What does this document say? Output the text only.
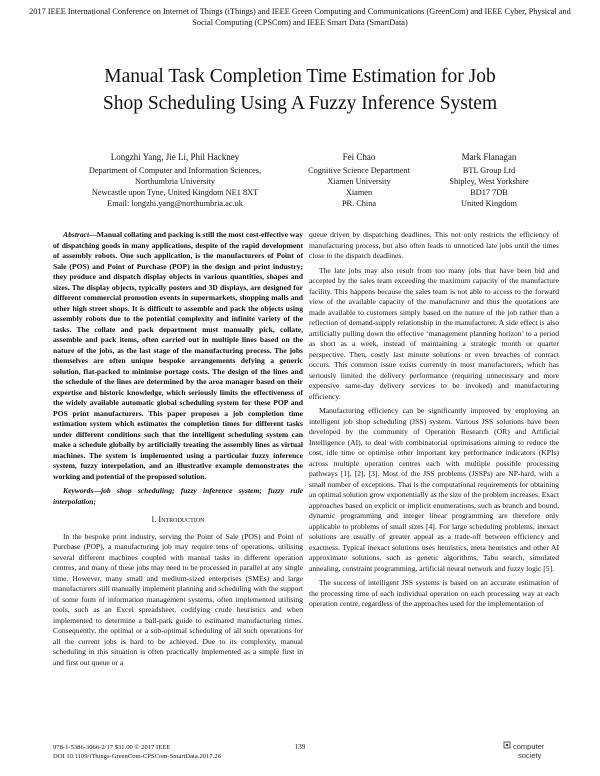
2017 IEEE International Conference on Internet of Things (iThings) and IEEE Green Computing and Communications (GreenCom) and IEEE Cyber, Physical and Social Computing (CPSCom) and IEEE Smart Data (SmartData)
Manual Task Completion Time Estimation for Job
Shop Scheduling Using A Fuzzy Inference System
Longzhi Yang, Jie Li, Phil Hackney
Department of Computer and Information Sciences,
Northumbria University
Newcastle upon Tyne, United Kingdom NE1 8XT
Email: longzhi.yang@northumbria.ac.uk
Fei Chao
Cognitive Science Department
Xiamen University
Xiamen
PR. China
Mark Flanagan
BTL Group Ltd
Shipley, West Yorkshire
BD17 7DB
United Kingdom

Abstract—Manual collating and packing is still the most cost-effective way of dispatching goods in many applications, despite of the rapid development of assembly robots. One such application, is the manufacturers of Point of Sale (POS) and Point of Purchase (POP) in the design and print industry; they produce and dispatch display objects in various quantities, shapes and sizes. The display objects, typically posters and 3D displays, are designed for different commercial promotion events in supermarkets, shopping malls and other high street shops. It is difficult to assemble and pack the objects using assembly robots due to the potential complexity and infinite variety of the tasks. The collate and pack department must manually pick, collate, assemble and pack items, often carried out in multiple lines based on the nature of the jobs, as the last stage of the manufacturing process. The jobs themselves are often unique bespoke arrangements defying a generic solution, flat-packed to minimise portage costs. The design of the lines and the schedule of the lines are determined by the area manager based on their expertise and historic knowledge, which seriously limits the effectiveness of the widely available automatic global scheduling system for these POP and POS print manufacturers. This paper proposes a job completion time estimation system which estimates the completion times for different tasks under different conditions such that the intelligent scheduling system can make a schedule globally by artificially treating the assembly lines as virtual machines. The system is implemented using a particular fuzzy inference system, fuzzy interpolation, and an illustrative example demonstrates the working and potential of the proposed solution.

Keywords—job shop scheduling; fuzzy inference system; fuzzy rule interpolation;

I. Introduction

In the bespoke print industry, serving the Point of Sale (POS) and Point of Purchase (POP), a manufacturing job may require tens of operations, utilising several different machines coupled with manual tasks in different operation centres, and many of these jobs may need to be processed in parallel at any single time. However, many small and medium-sized enterprises (SMEs) and large manufacturers still manually implement planning and scheduling with the support of some form of information management systems, often implemented utilising tools, such as an Excel spreadsheet, codifying crude heuristics and when implemented to determine a ball-park guide to estimated manufacturing times. Consequently, the optimal or a sub-optimal scheduling of all such operations for all the current jobs is hard to be achieved. Due to its complexity, manual scheduling in this situation is often practically implemented as a simple first in and first out queue or a

queue driven by dispatching deadlines. This not only restricts the efficiency of manufacturing process, but also often leads to unnoticed late jobs until the times close to the dispatch deadlines.

The late jobs may also result from too many jobs that have been bid and accepted by the sales team exceeding the maximum capacity of the manufacture facility. This happens because the sales team is not able to access to the forward view of the available capacity of the manufacturer and thus the quotations are made available to customers simply based on the nature of the job rather than a reflection of demand-supply relationship in the manufacturer. A side effect is also artificially pulling down the effective ‘management planning horizon’ to a period as short as a week, instead of maintaining a strategic month or quarter perspective. Then, costly last minute solutions or even breaches of contract occurs. This common issue exists currently in most manufacturers, which has seriously limited the delivery performance (requiring unnecessary and more expensive same-day delivery services to be invoked) and manufacturing efficiency.

Manufacturing efficiency can be significantly improved by employing an intelligent job shop scheduling (JSS) system. Various JSS solutions have been developed by the community of Operation Research (OR) and Artificial Intelligence (AI), to deal with combinatorial optimisations aiming to reduce the cost, idle time or optimise other important key performance indicators (KPIs) across multiple operation centres each with multiple possible processing pathways [1], [2], [3]. Most of the JSS problems (JSSPs) are NP-hard, with a small number of exceptions. That is the computational requirements for obtaining an optimal solution grow exponentially as the size of the problem increases. Exact approaches based on explicit or implicit enumerations, such as branch and bound, dynamic programming and integer linear programming are therefore only applicable to problems of small sizes [4]. For large scheduling problems, inexact solutions are usually of greater appeal as a trade-off between efficiency and exactness. Typical inexact solutions uses heuristics, meta heuristics and other AI approximate solutions, such as genetic algorithms, Tabu search, simulated annealing, constraint programming, artificial neural network and fuzzy logic [5].

The success of intelligent JSS systems is based on an accurate estimation of the processing time of each individual operation on each processing way at each operation centre, regardless of the approaches used for the implementation of

978-1-5386-3066-2/17 $31.00 © 2017 IEEE
DOI 10.1109/iThings-GreenCom-CPSCom-SmartData.2017.26
139	computer
society
